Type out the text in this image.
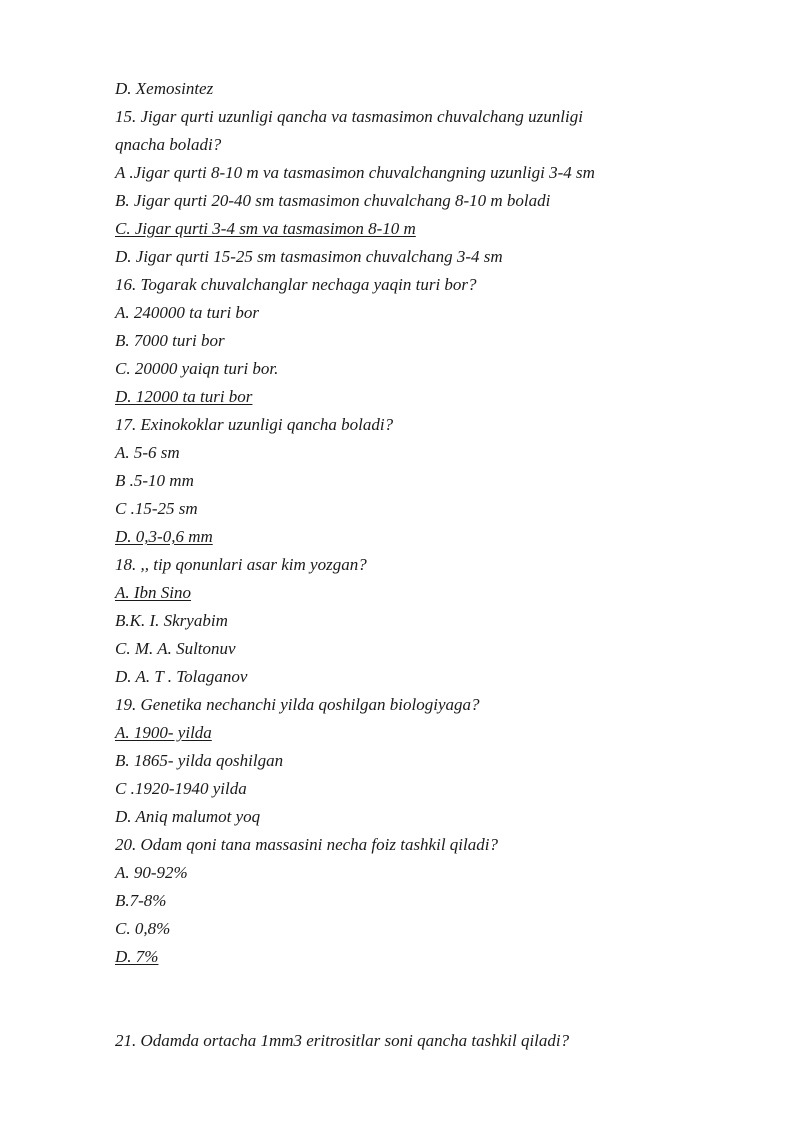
D. Xemosintez
15. Jigar qurti uzunligi qancha va tasmasimon chuvalchang uzunligi
qnacha boladi?
A .Jigar qurti 8-10 m va tasmasimon chuvalchangning uzunligi 3-4 sm
B. Jigar qurti 20-40 sm tasmasimon chuvalchang 8-10 m boladi
C. Jigar qurti 3-4 sm va tasmasimon 8-10 m
D. Jigar qurti 15-25 sm tasmasimon chuvalchang 3-4 sm
16. Togarak chuvalchanglar nechaga yaqin turi bor?
A. 240000 ta turi bor
B. 7000 turi bor
C. 20000 yaiqn turi bor.
D. 12000 ta turi bor
17. Exinokoklar uzunligi qancha boladi?
A. 5-6 sm
B .5-10 mm
C .15-25 sm
D. 0,3-0,6 mm
18. ,, tip qonunlari asar kim yozgan?
A. Ibn Sino
B.K. I. Skryabim
C. M. A. Sultonuv
D. A. T . Tolaganov
19. Genetika nechanchi yilda qoshilgan biologiyaga?
A. 1900- yilda
B. 1865- yilda qoshilgan
C .1920-1940 yilda
D. Aniq malumot yoq
20. Odam qoni tana massasini necha foiz tashkil qiladi?
A. 90-92%
B.7-8%
C. 0,8%
D. 7%
21. Odamda ortacha 1mm3 eritrositlar soni qancha tashkil qiladi?
